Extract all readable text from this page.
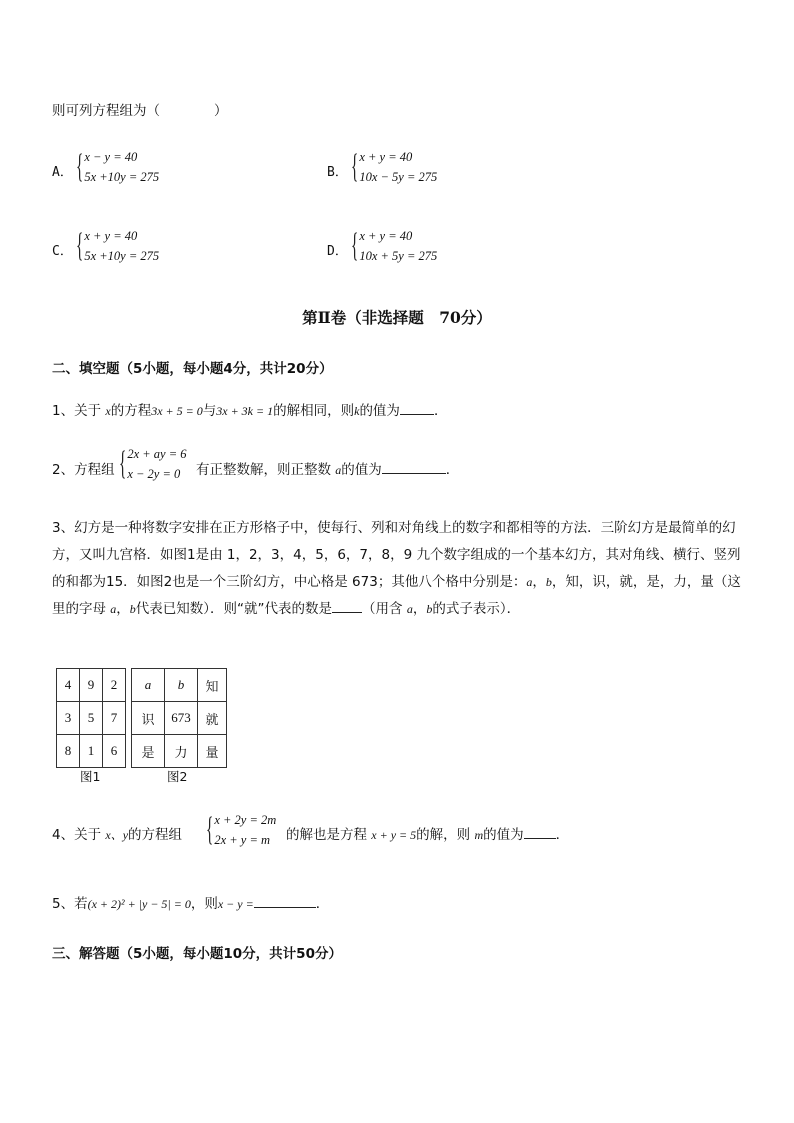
则可列方程组为（　　　　）
A． { x − y = 40
5x +10y = 275	B． { x + y = 40
10x − 5y = 275
C． { x + y = 40
5x +10y = 275	D． { x + y = 40
10x + 5y = 275
第Ⅱ卷（非选择题　70分）
二、填空题（5小题，每小题4分，共计20分）
1、关于 x的方程3x + 5 = 0与3x + 3k = 1的解相同，则k的值为	．
2、方程组 { 2x + ay = 6
x − 2y = 0	有正整数解，则正整数 a的值为	．
3、幻方是一种将数字安排在正方形格子中，使每行、列和对角线上的数字和都相等的方法．三阶幻方是最简单的幻方，又叫九宫格．如图1是由 1，2，3，4，5，6，7，8，9 九个数字组成的一个基本幻方，其对角线、横行、竖列的和都为15．如图2也是一个三阶幻方，中心格是 673；其他八个格中分别是：a，b，知，识，就，是，力，量（这里的字母 a，b代表已知数）．则“就”代表的数是 （用含 a，b的式子表示）．
4	9	2
3	5	7
8	1	6
a	b	知
识	673	就
是	力	量
图1	图2
4、关于 x、y的方程组 { x + 2y = 2m
2x + y = m	的解也是方程 x + y = 5的解，则 m的值为 ．
5、若(x + 2)² + |y − 5| = 0，则x − y =	．
三、解答题（5小题，每小题10分，共计50分）
